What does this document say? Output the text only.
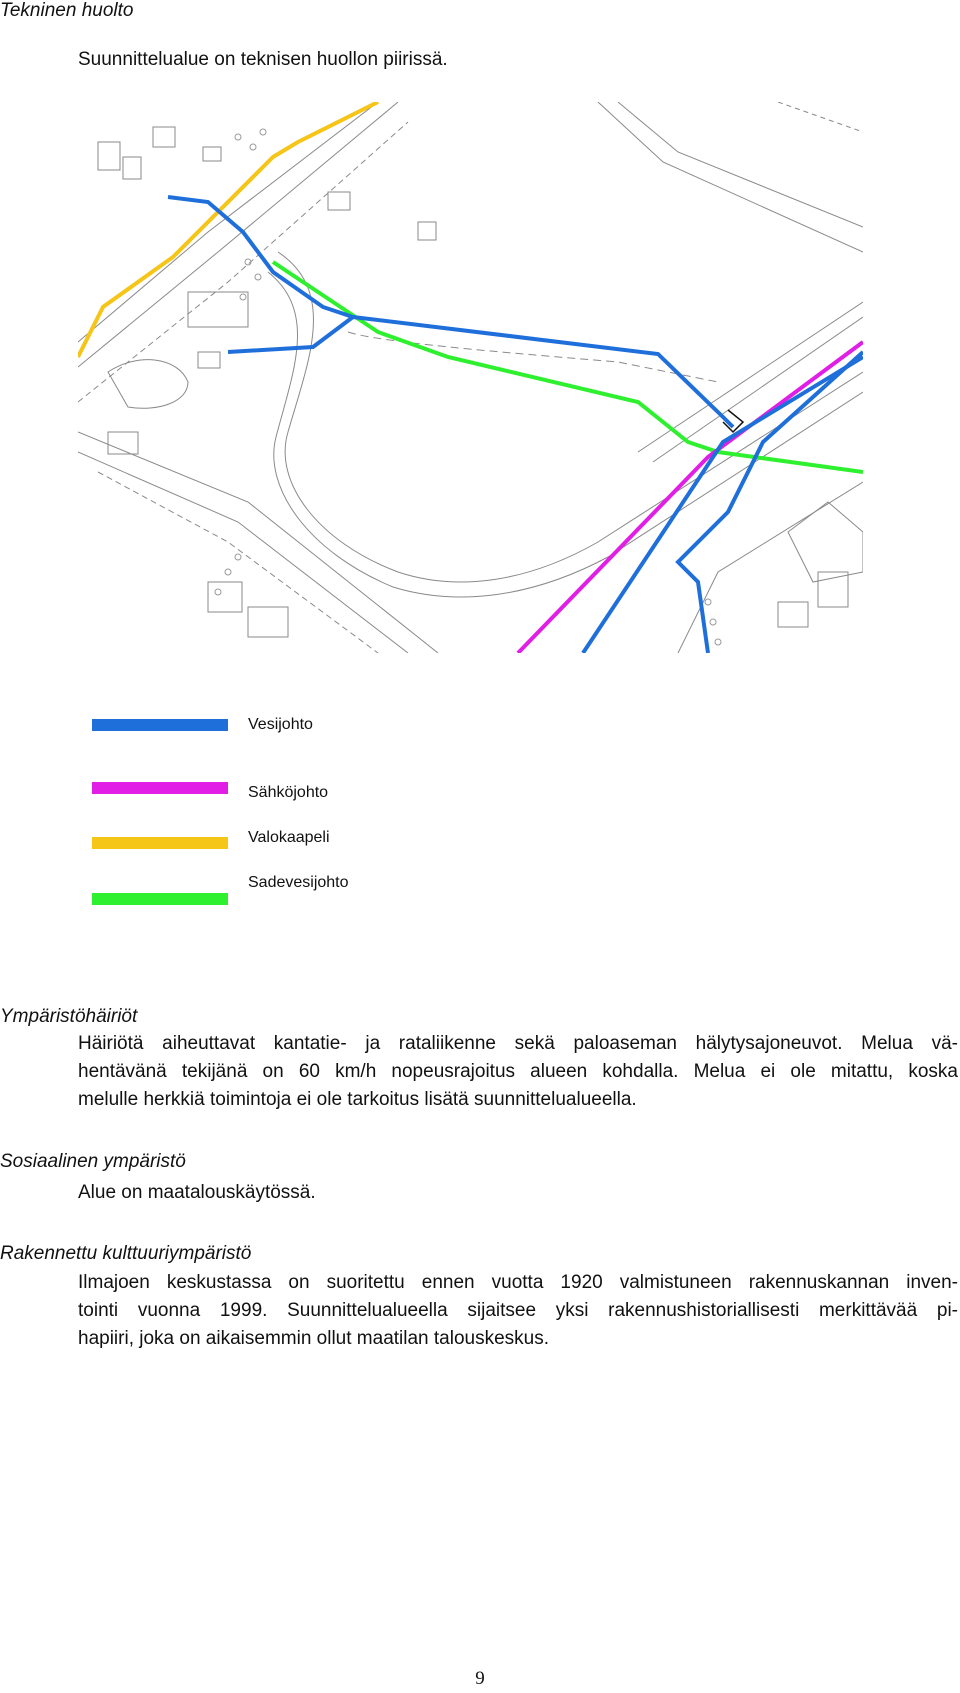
Tekninen huolto
Suunnittelualue on teknisen huollon piirissä.
Vesijohto
Sähköjohto
Valokaapeli
Sadevesijohto
Ympäristöhäiriöt
Häiriötä aiheuttavat kantatie- ja rataliikenne sekä paloaseman hälytysajoneuvot. Melua vä-
hentävänä tekijänä on 60 km/h nopeusrajoitus alueen kohdalla. Melua ei ole mitattu, koska
melulle herkkiä toimintoja ei ole tarkoitus lisätä suunnittelualueella.
Sosiaalinen ympäristö
Alue on maatalouskäytössä.
Rakennettu kulttuuriympäristö
Ilmajoen keskustassa on suoritettu ennen vuotta 1920 valmistuneen rakennuskannan inven-
tointi vuonna 1999. Suunnittelualueella sijaitsee yksi rakennushistoriallisesti merkittävää pi-
hapiiri, joka on aikaisemmin ollut maatilan talouskeskus.
9
